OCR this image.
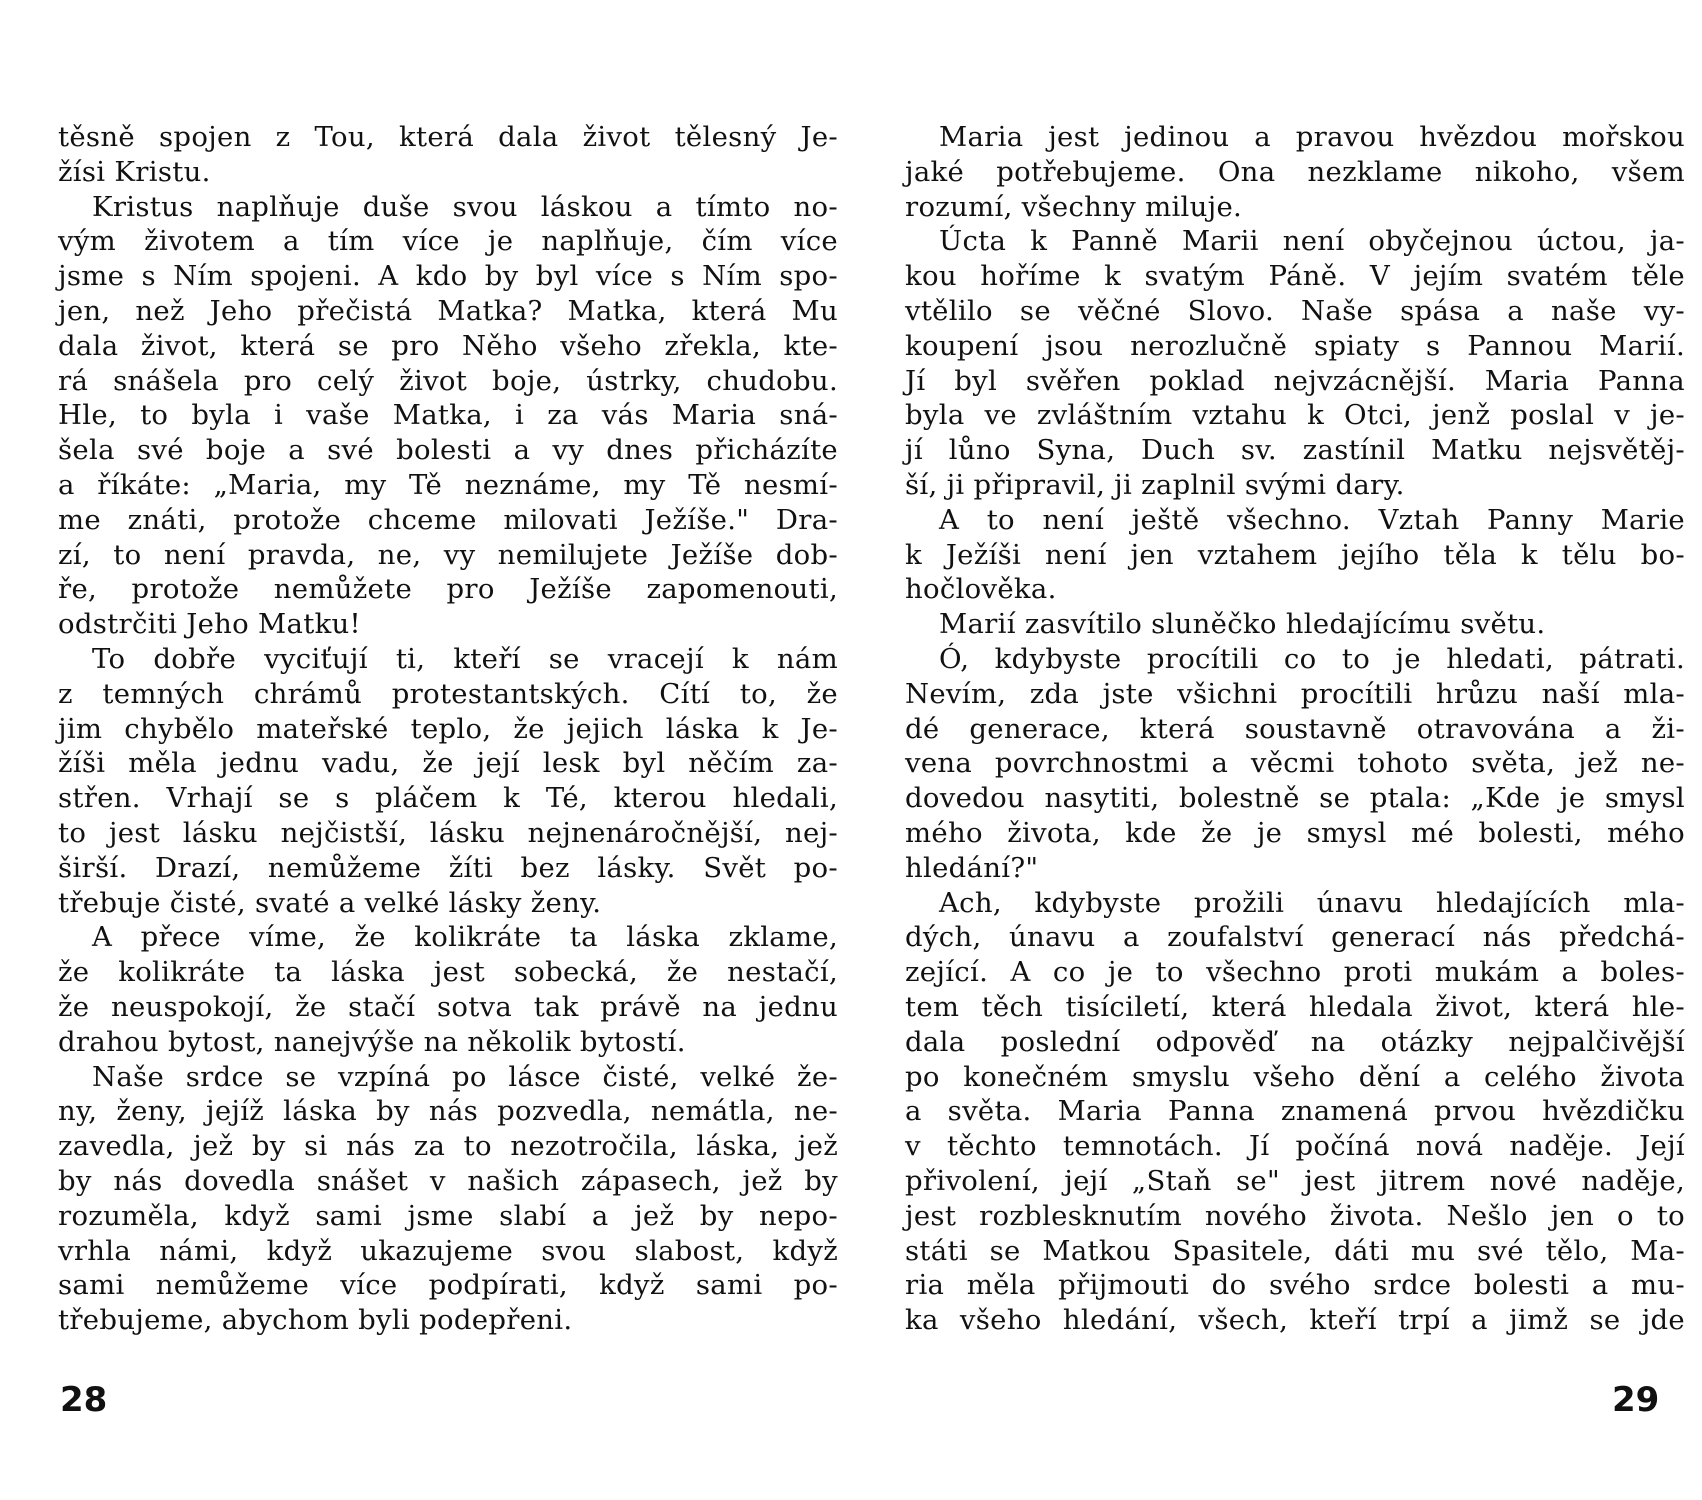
těsně spojen z Tou, která dala život tělesný Je-
žísi Kristu.
Kristus naplňuje duše svou láskou a tímto no-
vým životem a tím více je naplňuje, čím více
jsme s Ním spojeni. A kdo by byl více s Ním spo-
jen, než Jeho přečistá Matka? Matka, která Mu
dala život, která se pro Něho všeho zřekla, kte-
rá snášela pro celý život boje, ústrky, chudobu.
Hle, to byla i vaše Matka, i za vás Maria sná-
šela své boje a své bolesti a vy dnes přicházíte
a říkáte: „Maria, my Tě neznáme, my Tě nesmí-
me znáti, protože chceme milovati Ježíše." Dra-
zí, to není pravda, ne, vy nemilujete Ježíše dob-
ře, protože nemůžete pro Ježíše zapomenouti,
odstrčiti Jeho Matku!
To dobře vyciťují ti, kteří se vracejí k nám
z temných chrámů protestantských. Cítí to, že
jim chybělo mateřské teplo, že jejich láska k Je-
žíši měla jednu vadu, že její lesk byl něčím za-
střen. Vrhají se s pláčem k Té, kterou hledali,
to jest lásku nejčistší, lásku nejnenáročnější, nej-
širší. Drazí, nemůžeme žíti bez lásky. Svět po-
třebuje čisté, svaté a velké lásky ženy.
A přece víme, že kolikráte ta láska zklame,
že kolikráte ta láska jest sobecká, že nestačí,
že neuspokojí, že stačí sotva tak právě na jednu
drahou bytost, nanejvýše na několik bytostí.
Naše srdce se vzpíná po lásce čisté, velké že-
ny, ženy, jejíž láska by nás pozvedla, nemátla, ne-
zavedla, jež by si nás za to nezotročila, láska, jež
by nás dovedla snášet v našich zápasech, jež by
rozuměla, když sami jsme slabí a jež by nepo-
vrhla námi, když ukazujeme svou slabost, když
sami nemůžeme více podpírati, když sami po-
třebujeme, abychom byli podepřeni.
28
Maria jest jedinou a pravou hvězdou mořskou
jaké potřebujeme. Ona nezklame nikoho, všem
rozumí, všechny miluje.
Úcta k Panně Marii není obyčejnou úctou, ja-
kou hoříme k svatým Páně. V jejím svatém těle
vtělilo se věčné Slovo. Naše spása a naše vy-
koupení jsou nerozlučně spiaty s Pannou Marií.
Jí byl svěřen poklad nejvzácnější. Maria Panna
byla ve zvláštním vztahu k Otci, jenž poslal v je-
jí lůno Syna, Duch sv. zastínil Matku nejsvětěj-
ší, ji připravil, ji zaplnil svými dary.
A to není ještě všechno. Vztah Panny Marie
k Ježíši není jen vztahem jejího těla k tělu bo-
hočlověka.
Marií zasvítilo sluněčko hledajícímu světu.
Ó, kdybyste procítili co to je hledati, pátrati.
Nevím, zda jste všichni procítili hrůzu naší mla-
dé generace, která soustavně otravována a ži-
vena povrchnostmi a věcmi tohoto světa, jež ne-
dovedou nasytiti, bolestně se ptala: „Kde je smysl
mého života, kde že je smysl mé bolesti, mého
hledání?"
Ach, kdybyste prožili únavu hledajících mla-
dých, únavu a zoufalství generací nás předchá-
zející. A co je to všechno proti mukám a boles-
tem těch tisíciletí, která hledala život, která hle-
dala poslední odpověď na otázky nejpalčivější
po konečném smyslu všeho dění a celého života
a světa. Maria Panna znamená prvou hvězdičku
v těchto temnotách. Jí počíná nová naděje. Její
přivolení, její „Staň se" jest jitrem nové naděje,
jest rozblesknutím nového života. Nešlo jen o to
státi se Matkou Spasitele, dáti mu své tělo, Ma-
ria měla přijmouti do svého srdce bolesti a mu-
ka všeho hledání, všech, kteří trpí a jimž se jde
29
